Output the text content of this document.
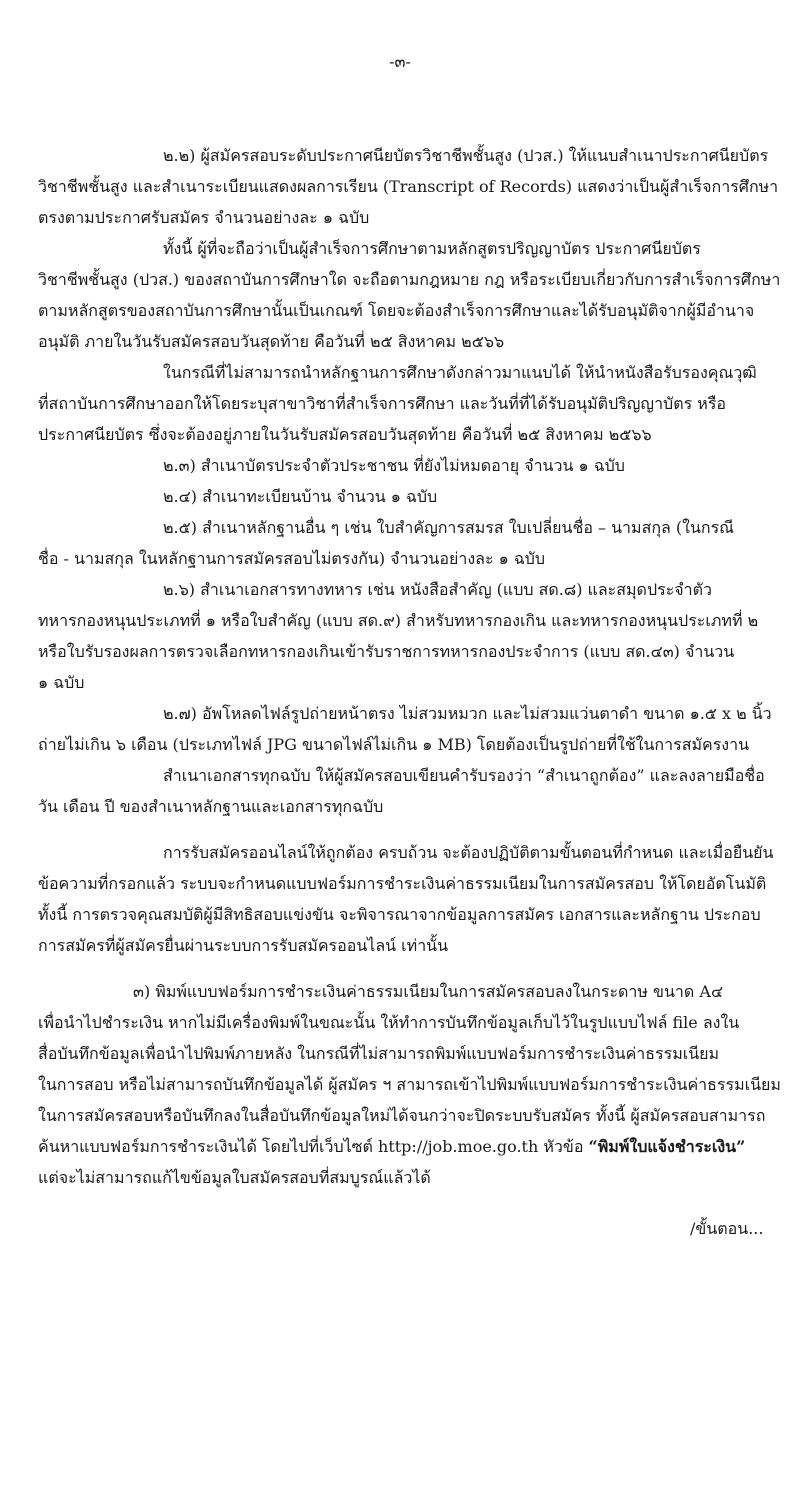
-๓-
๒.๒) ผู้สมัครสอบระดับประกาศนียบัตรวิชาชีพชั้นสูง (ปวส.) ให้แนบสำเนาประกาศนียบัตร
วิชาชีพชั้นสูง และสำเนาระเบียนแสดงผลการเรียน (Transcript of Records) แสดงว่าเป็นผู้สำเร็จการศึกษา
ตรงตามประกาศรับสมัคร จำนวนอย่างละ ๑ ฉบับ
ทั้งนี้ ผู้ที่จะถือว่าเป็นผู้สำเร็จการศึกษาตามหลักสูตรปริญญาบัตร ประกาศนียบัตร
วิชาชีพชั้นสูง (ปวส.) ของสถาบันการศึกษาใด จะถือตามกฎหมาย กฎ หรือระเบียบเกี่ยวกับการสำเร็จการศึกษา
ตามหลักสูตรของสถาบันการศึกษานั้นเป็นเกณฑ์ โดยจะต้องสำเร็จการศึกษาและได้รับอนุมัติจากผู้มีอำนาจ
อนุมัติ ภายในวันรับสมัครสอบวันสุดท้าย คือวันที่ ๒๕ สิงหาคม ๒๕๖๖
ในกรณีที่ไม่สามารถนำหลักฐานการศึกษาดังกล่าวมาแนบได้ ให้นำหนังสือรับรองคุณวุฒิ
ที่สถาบันการศึกษาออกให้โดยระบุสาขาวิชาที่สำเร็จการศึกษา และวันที่ที่ได้รับอนุมัติปริญญาบัตร หรือ
ประกาศนียบัตร ซึ่งจะต้องอยู่ภายในวันรับสมัครสอบวันสุดท้าย คือวันที่ ๒๕ สิงหาคม ๒๕๖๖
๒.๓) สำเนาบัตรประจำตัวประชาชน ที่ยังไม่หมดอายุ จำนวน ๑ ฉบับ
๒.๔) สำเนาทะเบียนบ้าน จำนวน ๑ ฉบับ
๒.๕) สำเนาหลักฐานอื่น ๆ เช่น ใบสำคัญการสมรส ใบเปลี่ยนชื่อ – นามสกุล (ในกรณี
ชื่อ - นามสกุล ในหลักฐานการสมัครสอบไม่ตรงกัน) จำนวนอย่างละ ๑ ฉบับ
๒.๖) สำเนาเอกสารทางทหาร เช่น หนังสือสำคัญ (แบบ สด.๘) และสมุดประจำตัว
ทหารกองหนุนประเภทที่ ๑ หรือใบสำคัญ (แบบ สด.๙) สำหรับทหารกองเกิน และทหารกองหนุนประเภทที่ ๒
หรือใบรับรองผลการตรวจเลือกทหารกองเกินเข้ารับราชการทหารกองประจำการ (แบบ สด.๔๓) จำนวน
๑ ฉบับ
๒.๗) อัพโหลดไฟล์รูปถ่ายหน้าตรง ไม่สวมหมวก และไม่สวมแว่นตาดำ ขนาด ๑.๕ x ๒ นิ้ว
ถ่ายไม่เกิน ๖ เดือน (ประเภทไฟล์ JPG ขนาดไฟล์ไม่เกิน ๑ MB) โดยต้องเป็นรูปถ่ายที่ใช้ในการสมัครงาน
สำเนาเอกสารทุกฉบับ ให้ผู้สมัครสอบเขียนคำรับรองว่า “สำเนาถูกต้อง” และลงลายมือชื่อ
วัน เดือน ปี ของสำเนาหลักฐานและเอกสารทุกฉบับ
การรับสมัครออนไลน์ให้ถูกต้อง ครบถ้วน จะต้องปฏิบัติตามขั้นตอนที่กำหนด และเมื่อยืนยัน
ข้อความที่กรอกแล้ว ระบบจะกำหนดแบบฟอร์มการชำระเงินค่าธรรมเนียมในการสมัครสอบ ให้โดยอัตโนมัติ
ทั้งนี้ การตรวจคุณสมบัติผู้มีสิทธิสอบแข่งขัน จะพิจารณาจากข้อมูลการสมัคร เอกสารและหลักฐาน ประกอบ
การสมัครที่ผู้สมัครยื่นผ่านระบบการรับสมัครออนไลน์ เท่านั้น
๓) พิมพ์แบบฟอร์มการชำระเงินค่าธรรมเนียมในการสมัครสอบลงในกระดาษ ขนาด A๔
เพื่อนำไปชำระเงิน หากไม่มีเครื่องพิมพ์ในขณะนั้น ให้ทำการบันทึกข้อมูลเก็บไว้ในรูปแบบไฟล์ file ลงใน
สื่อบันทึกข้อมูลเพื่อนำไปพิมพ์ภายหลัง ในกรณีที่ไม่สามารถพิมพ์แบบฟอร์มการชำระเงินค่าธรรมเนียม
ในการสอบ หรือไม่สามารถบันทึกข้อมูลได้ ผู้สมัคร ฯ สามารถเข้าไปพิมพ์แบบฟอร์มการชำระเงินค่าธรรมเนียม
ในการสมัครสอบหรือบันทึกลงในสื่อบันทึกข้อมูลใหม่ได้จนกว่าจะปิดระบบรับสมัคร ทั้งนี้ ผู้สมัครสอบสามารถ
ค้นหาแบบฟอร์มการชำระเงินได้ โดยไปที่เว็บไซต์ http://job.moe.go.th หัวข้อ “พิมพ์ใบแจ้งชำระเงิน”
แต่จะไม่สามารถแก้ไขข้อมูลใบสมัครสอบที่สมบูรณ์แล้วได้
/ขั้นตอน...
